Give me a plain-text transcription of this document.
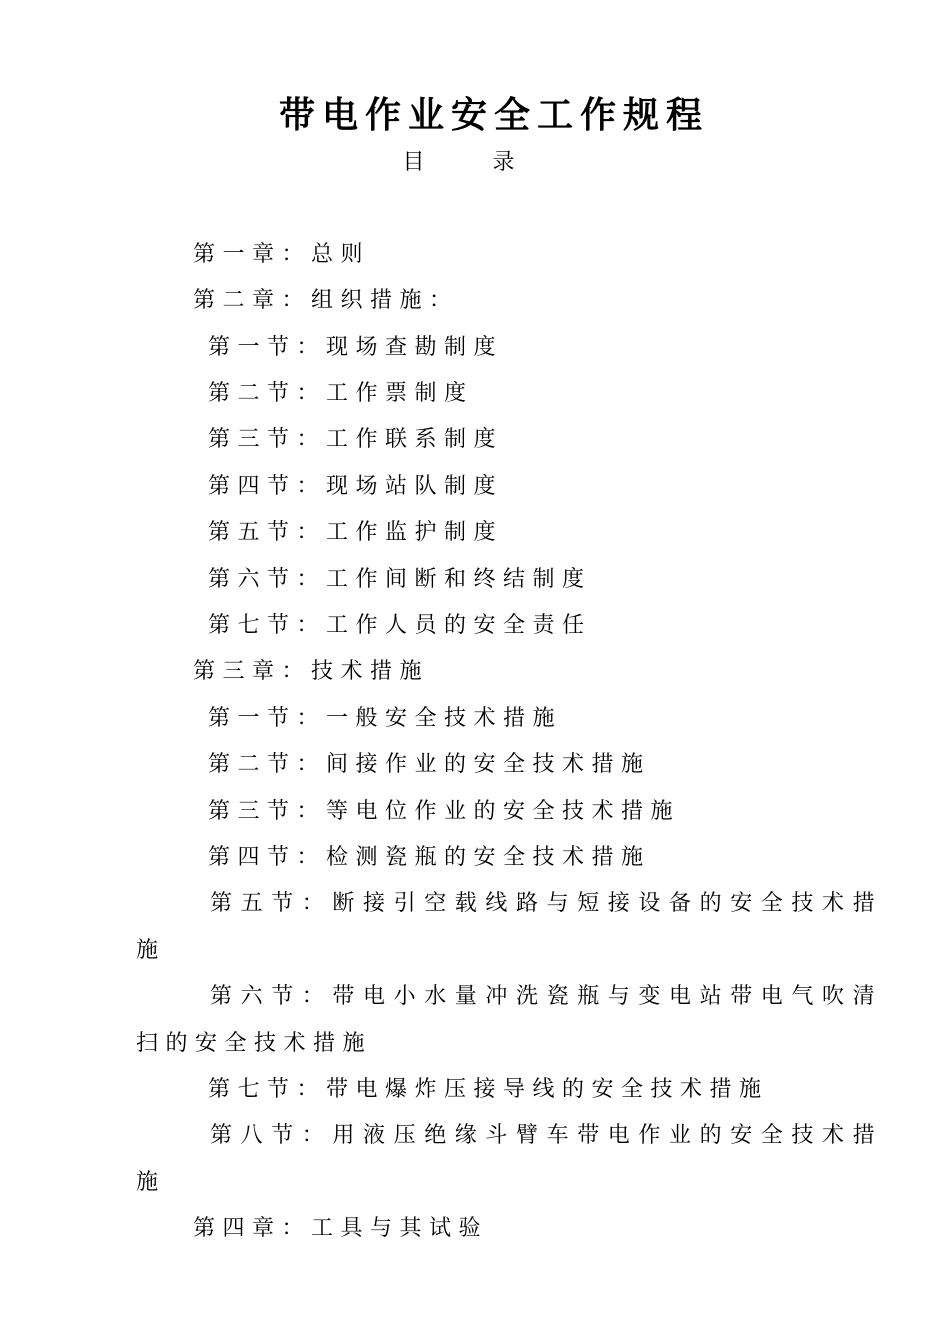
带电作业安全工作规程
目录
第一章：总则
第二章：组织措施：
第一节：现场查勘制度
第二节：工作票制度
第三节：工作联系制度
第四节：现场站队制度
第五节：工作监护制度
第六节：工作间断和终结制度
第七节：工作人员的安全责任
第三章：技术措施
第一节：一般安全技术措施
第二节：间接作业的安全技术措施
第三节：等电位作业的安全技术措施
第四节：检测瓷瓶的安全技术措施
第五节：断接引空载线路与短接设备的安全技术措
施
第六节：带电小水量冲洗瓷瓶与变电站带电气吹清
扫的安全技术措施
第七节：带电爆炸压接导线的安全技术措施
第八节：用液压绝缘斗臂车带电作业的安全技术措
施
第四章：工具与其试验
